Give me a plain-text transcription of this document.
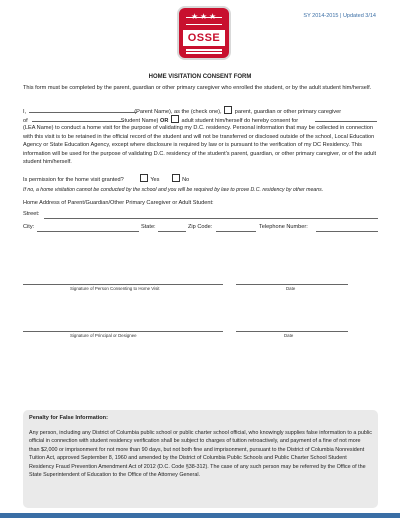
★ ★ ★
OSSE
SY 2014-2015 | Updated 3/14
HOME VISITATION CONSENT FORM
This form must be completed by the parent, guardian or other primary caregiver who enrolled the student, or by the adult student him/herself.
I,	(Parent Name), as the (check one), parent, guardian or other primary caregiver
of	Student Name) OR adult student him/herself do hereby consent for
(LEA Name) to conduct a home visit for the purpose of validating my D.C. residency. Personal information that may be collected in connection with this visit is to be retained in the official record of the student and will not be transferred or disclosed outside of the school, Local Education Agency or State Education Agency, except where disclosure is required by law or is pursuant to the verification of my DC Residency. This information will be used for the purpose of validating D.C. residency of the student's parent, guardian, or other primary caregiver, or of the adult student him/herself.
Is permission for the home visit granted?	Yes	No
If no, a home visitation cannot be conducted by the school and you will be required by law to prove D.C. residency by other means.
Home Address of Parent/Guardian/Other Primary Caregiver or Adult Student:
Street:
City:	State:	Zip Code:	Telephone Number:
Signature of Person Consenting to Home Visit	Date
Signature of Principal or Designee	Date
Penalty for False Information:
Any person, including any District of Columbia public school or public charter school official, who knowingly supplies false information to a public official in connection with student residency verification shall be subject to charges of tuition retroactively, and payment of a fine of not more than $2,000 or imprisonment for not more than 90 days, but not both fine and imprisonment, pursuant to the District of Columbia Nonresident Tuition Act, approved September 8, 1960 and amended by the District of Columbia Public Schools and Public Charter School Student Residency Fraud Prevention Amendment Act of 2012 (D.C. Code §38-312). The case of any such person may be referred by the Office of the State Superintendent of Education to the Office of the Attorney General.
